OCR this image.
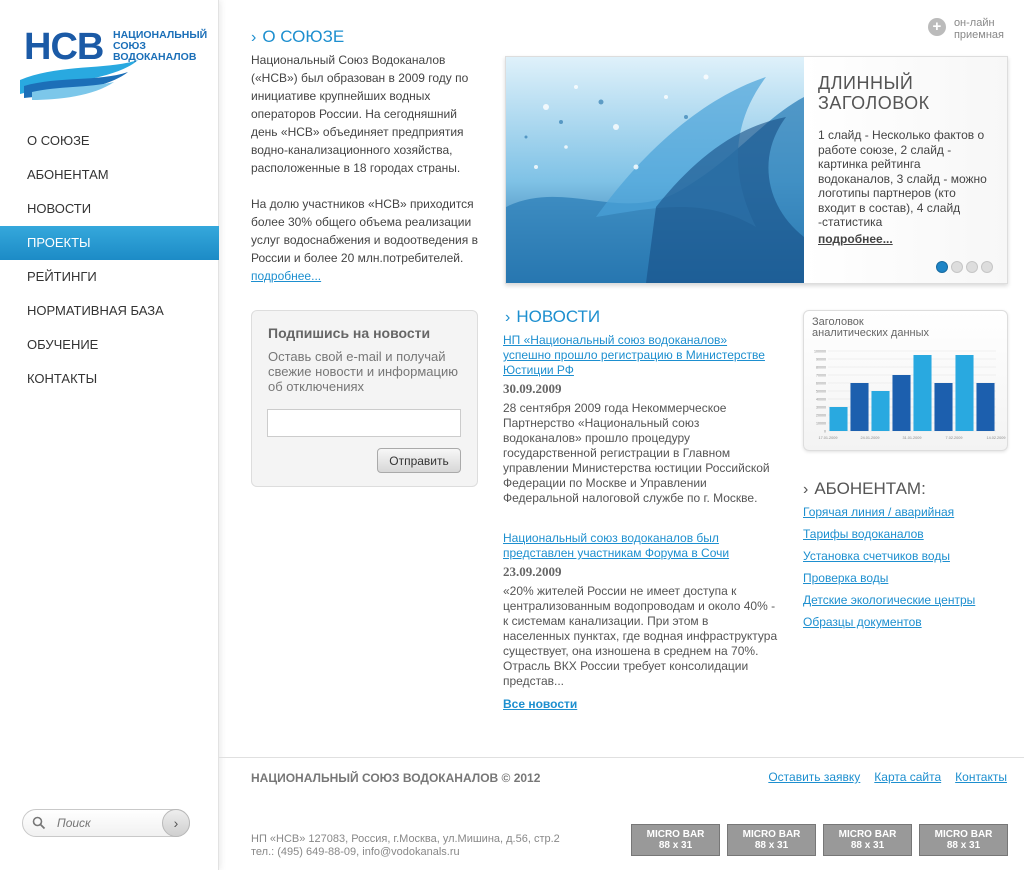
НСВ НАЦИОНАЛЬНЫЙ
СОЮЗ
ВОДОКАНАЛОВ
О СОЮЗЕ
АБОНЕНТАМ
НОВОСТИ
ПРОЕКТЫ
РЕЙТИНГИ
НОРМАТИВНАЯ БАЗА
ОБУЧЕНИЕ
КОНТАКТЫ
Поиск
›
+	он-лайн
приемная
› О СОЮЗЕ

Национальный Союз Водоканалов («НСВ») был образован в 2009 году по инициативе крупнейших водных операторов России. На сегодняшний день «НСВ» объединяет предприятия водно-канализационного хозяйства, расположенные в 18 городах страны.

На долю участников «НСВ» приходится более 30% общего объема реализации услуг водоснабжения и водоотведения в России и более 20 млн.потребителей.

подробнее...
ДЛИННЫЙ ЗАГОЛОВОК
1 слайд - Несколько фактов о работе союзе, 2 слайд - картинка рейтинга водоканалов, 3 слайд - можно логотипы партнеров (кто входит в состав), 4 слайд -статистика
подробнее...
Подпишись на новости
Оставь свой e-mail и получай свежие новости и информацию об отключениях
Отправить
› НОВОСТИ
НП «Национальный союз водоканалов» успешно прошло регистрацию в Министерстве Юстиции РФ
30.09.2009
28 сентября 2009 года Некоммерческое Партнерство «Национальный союз водоканалов» прошло процедуру государственной регистрации в Главном управлении Министерства юстиции Российской Федерации по Москве и Управлении Федеральной налоговой службе по г. Москве.
Национальный союз водоканалов был представлен участникам Форума в Сочи
23.09.2009
«20% жителей России не имеет доступа к централизованным водопроводам и около 40% - к системам канализации. При этом в населенных пунктах, где водная инфраструктура существует, она изношена в среднем на 70%. Отрасль ВКХ России требует консолидации представ...
Все новости
Заголовок
аналитических данных
100000
90000
80000
70000
60000
50000
40000
30000
20000
10000
0
17.01.2009	24.01.2009	31.01.2009	7.02.2009	14.02.2009
› АБОНЕНТАМ:
Горячая линия / аварийная
Тарифы водоканалов
Установка счетчиков воды
Проверка воды
Детские экологические центры
Образцы документов
НАЦИОНАЛЬНЫЙ СОЮЗ ВОДОКАНАЛОВ © 2012	Оставить заявку Карта сайта Контакты
НП «НСВ» 127083, Россия, г.Москва, ул.Мишина, д.56, стр.2
тел.: (495) 649-88-09, info@vodokanals.ru
MICRO BAR
88 x 31
MICRO BAR
88 x 31
MICRO BAR
88 x 31
MICRO BAR
88 x 31
